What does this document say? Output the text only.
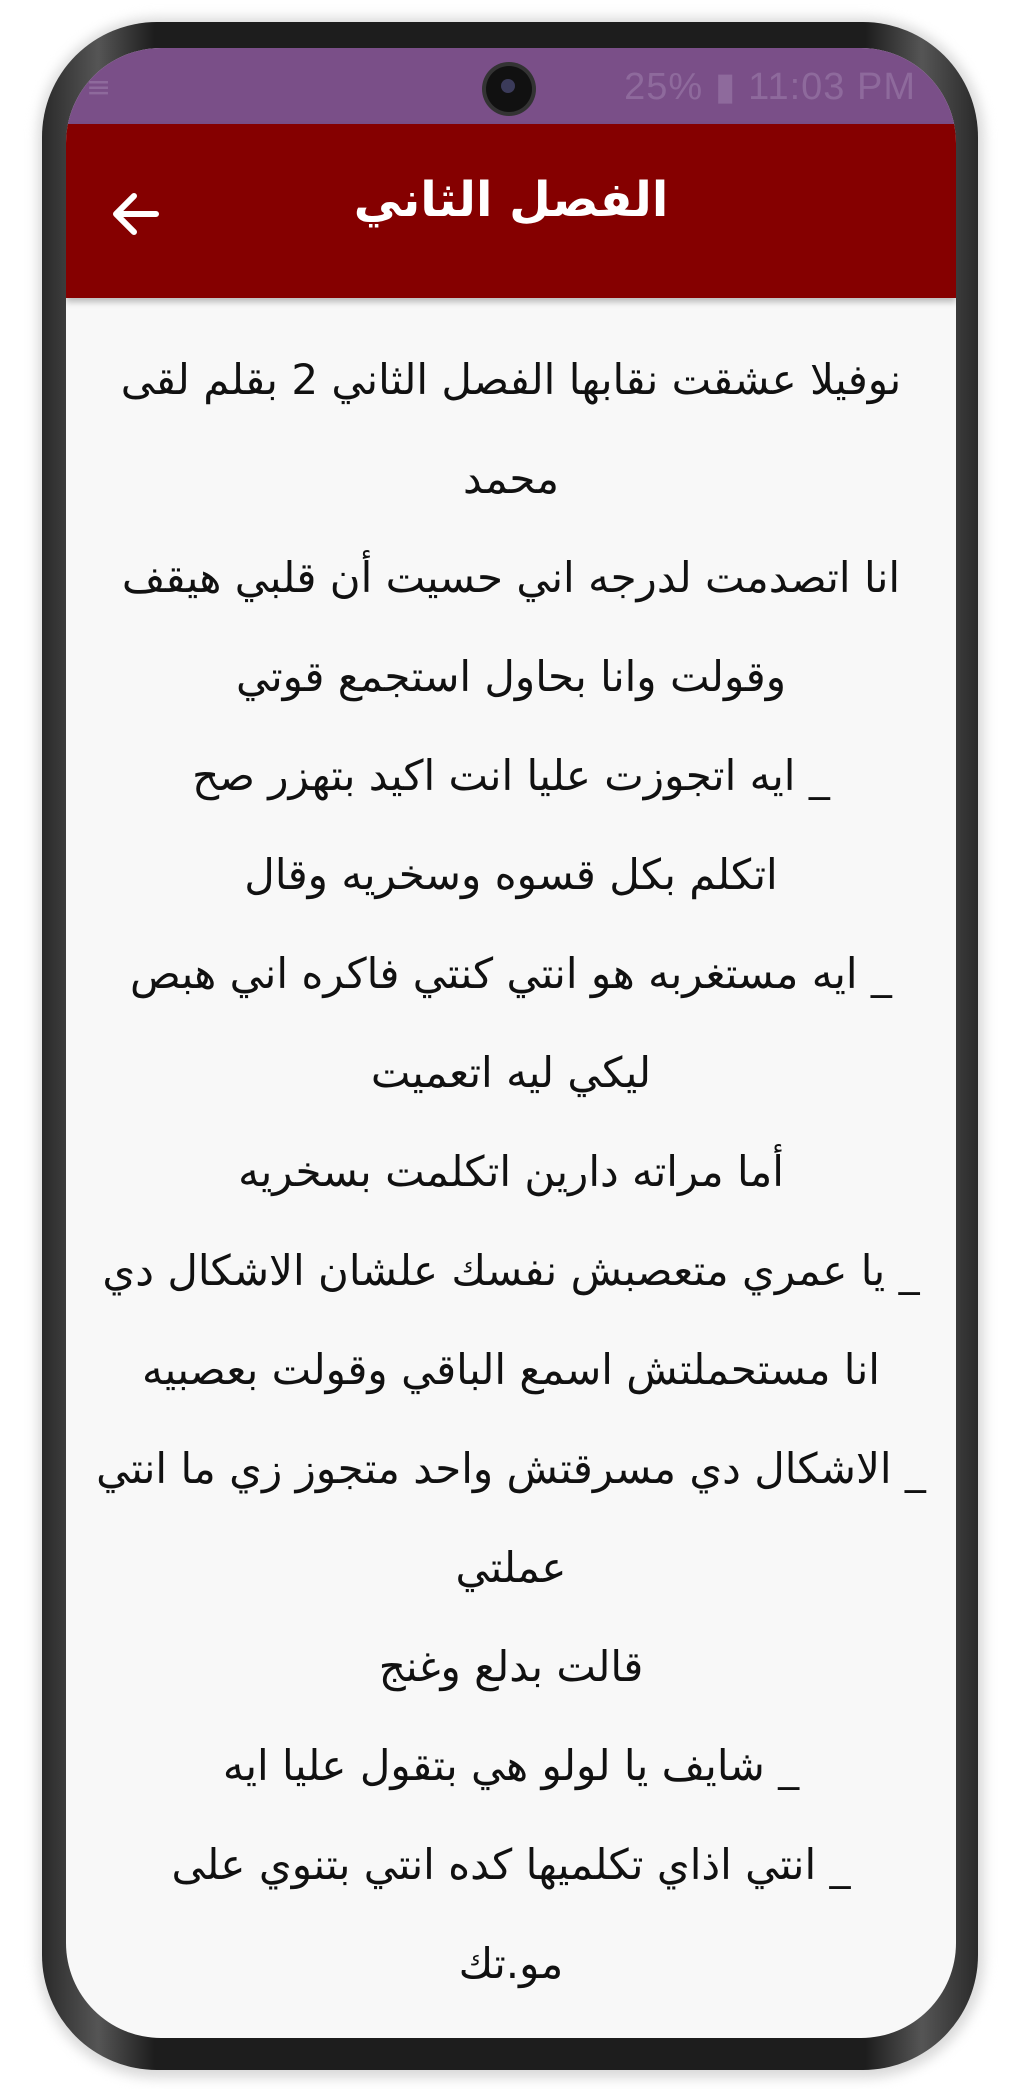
≡	25% ▮ 11:03 PM
الفصل الثاني
نوفيلا عشقت نقابها الفصل الثاني 2 بقلم لقى
محمد
انا اتصدمت لدرجه اني حسيت أن قلبي هيقف
وقولت وانا بحاول استجمع قوتي
_ ايه اتجوزت عليا انت اكيد بتهزر صح
اتكلم بكل قسوه وسخريه وقال
_ ايه مستغربه هو انتي كنتي فاكره اني هبص
ليكي ليه اتعميت
أما مراته دارين اتكلمت بسخريه
_ يا عمري متعصبش نفسك علشان الاشكال دي
انا مستحملتش اسمع الباقي وقولت بعصبيه
_ الاشكال دي مسرقتش واحد متجوز زي ما انتي
عملتي
قالت بدلع وغنج
_ شايف يا لولو هي بتقول عليا ايه
_ انتي اذاي تكلميها كده انتي بتنوي على
مو.تك
